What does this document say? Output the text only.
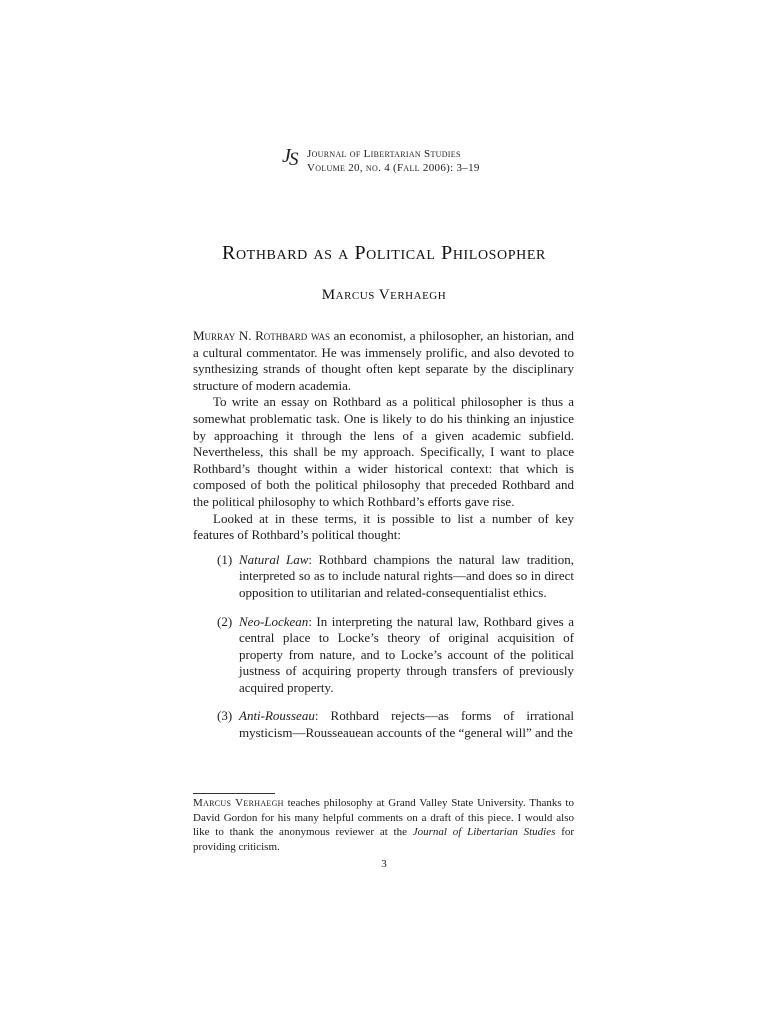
J
S Journal of Libertarian Studies
Volume 20, no. 4 (Fall 2006): 3–19
Rothbard as a Political Philosopher
Marcus Verhaegh

Murray N. Rothbard was an economist, a philosopher, an historian, and a cultural commentator. He was immensely prolific, and also devoted to synthesizing strands of thought often kept separate by the disciplinary structure of modern academia.

To write an essay on Rothbard as a political philosopher is thus a somewhat problematic task. One is likely to do his thinking an injustice by approaching it through the lens of a given academic subfield. Nevertheless, this shall be my approach. Specifically, I want to place Rothbard’s thought within a wider historical context: that which is composed of both the political philosophy that preceded Rothbard and the political philosophy to which Rothbard’s efforts gave rise.

Looked at in these terms, it is possible to list a number of key features of Rothbard’s political thought:

(1) Natural Law: Rothbard champions the natural law tradition, interpreted so as to include natural rights—and does so in direct opposition to utilitarian and related-consequentialist ethics.
(2) Neo-Lockean: In interpreting the natural law, Rothbard gives a central place to Locke’s theory of original acquisition of property from nature, and to Locke’s account of the political justness of acquiring property through transfers of previously acquired property.
(3) Anti-Rousseau: Rothbard rejects—as forms of irrational mysticism—Rousseauean accounts of the “general will” and the
Marcus Verhaegh teaches philosophy at Grand Valley State University. Thanks to David Gordon for his many helpful comments on a draft of this piece. I would also like to thank the anonymous reviewer at the Journal of Libertarian Studies for providing criticism.
3
